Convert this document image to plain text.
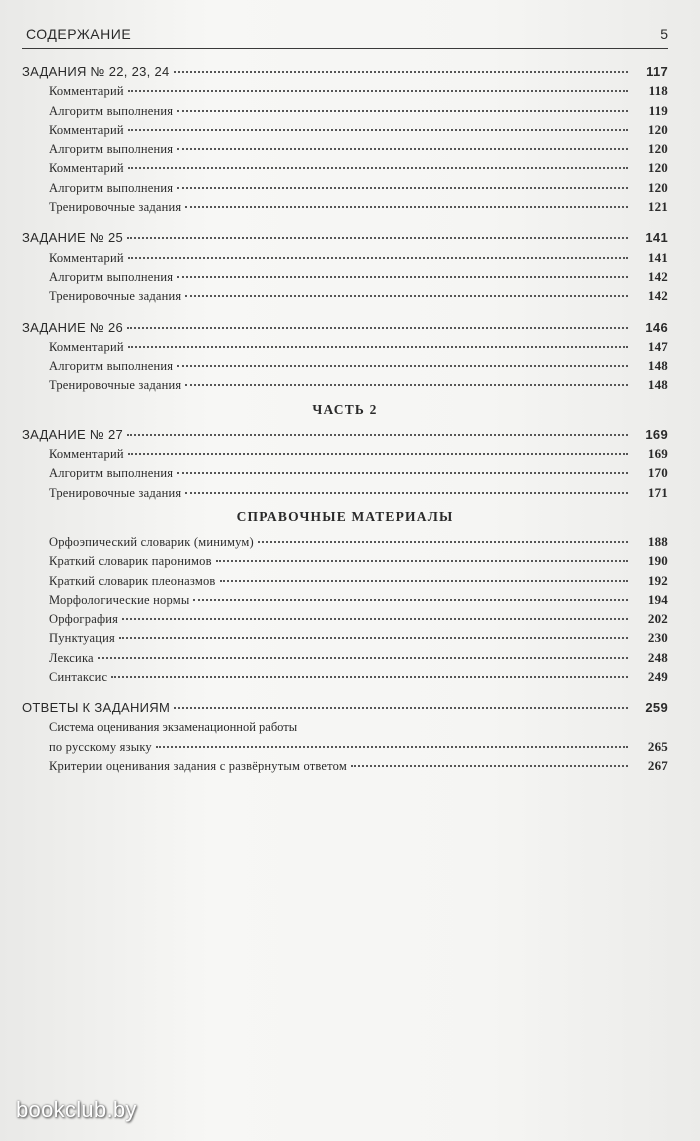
СОДЕРЖАНИЕ	5
ЗАДАНИЯ № 22, 23, 24	117
Комментарий	118
Алгоритм выполнения	119
Комментарий	120
Алгоритм выполнения	120
Комментарий	120
Алгоритм выполнения	120
Тренировочные задания	121
ЗАДАНИЕ № 25	141
Комментарий	141
Алгоритм выполнения	142
Тренировочные задания	142
ЗАДАНИЕ № 26	146
Комментарий	147
Алгоритм выполнения	148
Тренировочные задания	148
ЧАСТЬ 2
ЗАДАНИЕ № 27	169
Комментарий	169
Алгоритм выполнения	170
Тренировочные задания	171
СПРАВОЧНЫЕ МАТЕРИАЛЫ
Орфоэпический словарик (минимум)	188
Краткий словарик паронимов	190
Краткий словарик плеоназмов	192
Морфологические нормы	194
Орфография	202
Пунктуация	230
Лексика	248
Синтаксис	249
ОТВЕТЫ К ЗАДАНИЯМ	259
Система оценивания экзаменационной работы
по русскому языку	265
Критерии оценивания задания с развёрнутым ответом	267
bookclub.by
